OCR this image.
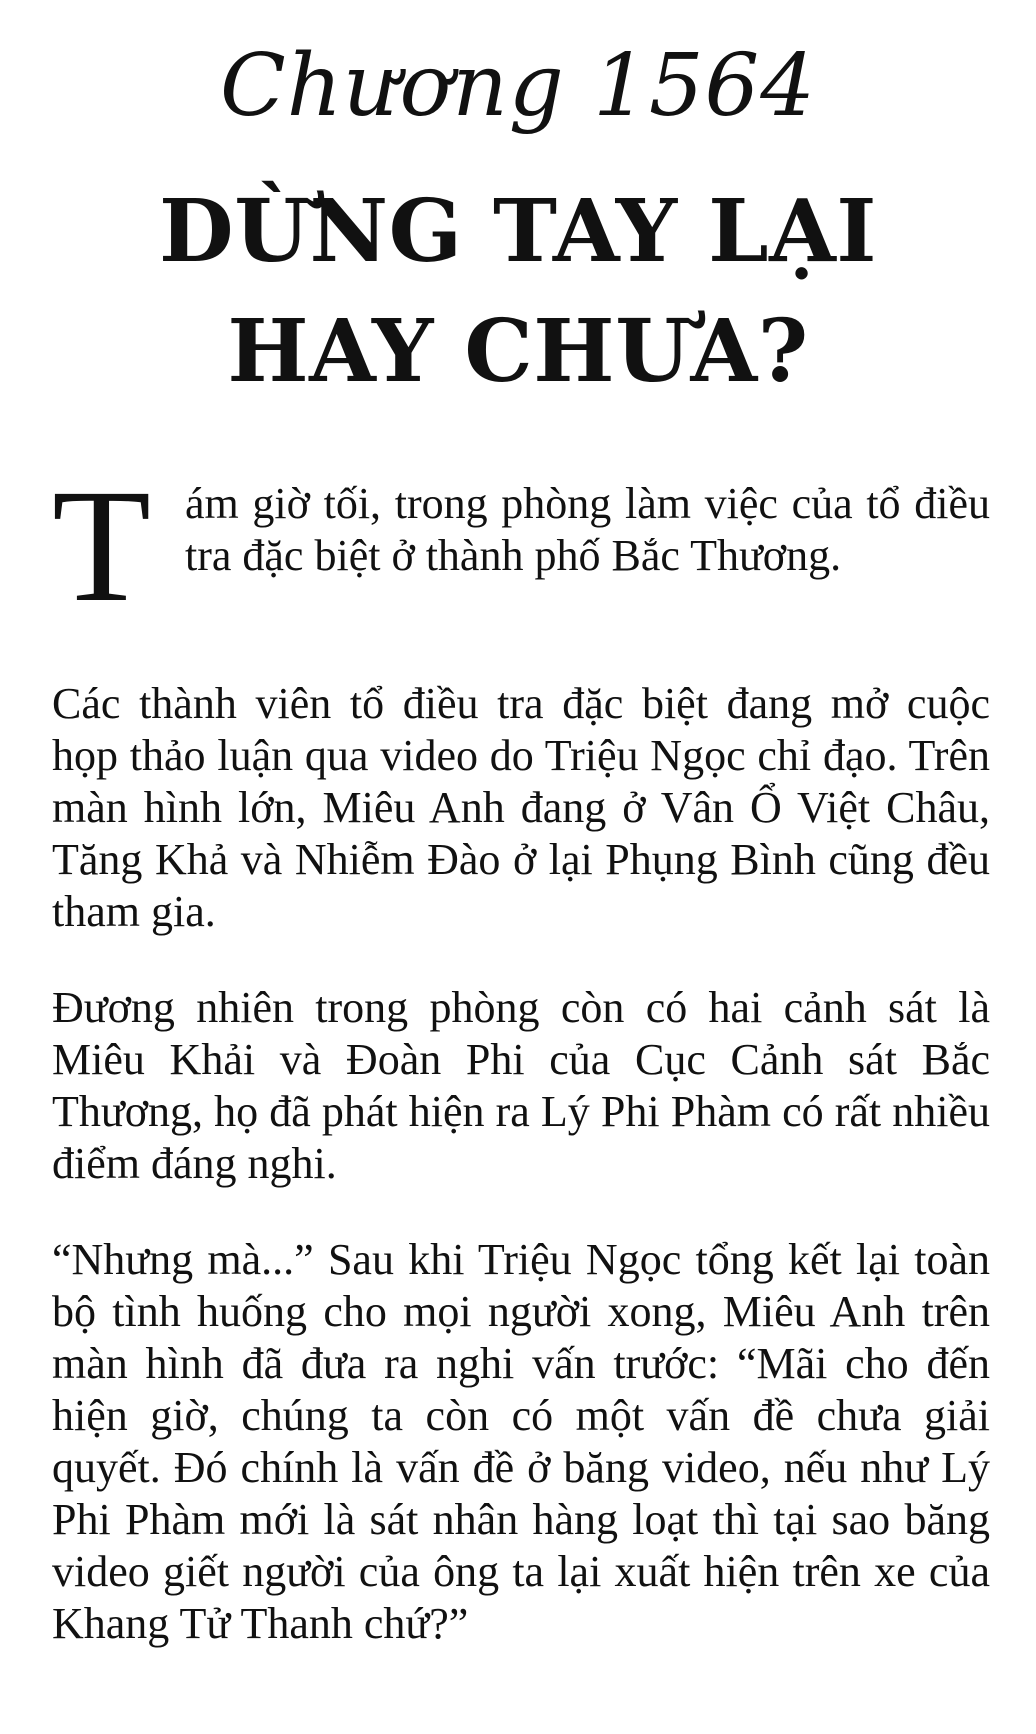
Chương 1564
DỪNG TAY LẠI HAY CHƯA?

T ám giờ tối, trong phòng làm việc của tổ điều tra đặc biệt ở thành phố Bắc Thương.

Các thành viên tổ điều tra đặc biệt đang mở cuộc họp thảo luận qua video do Triệu Ngọc chỉ đạo. Trên màn hình lớn, Miêu Anh đang ở Vân Ổ Việt Châu, Tăng Khả và Nhiễm Đào ở lại Phụng Bình cũng đều tham gia.

Đương nhiên trong phòng còn có hai cảnh sát là Miêu Khải và Đoàn Phi của Cục Cảnh sát Bắc Thương, họ đã phát hiện ra Lý Phi Phàm có rất nhiều điểm đáng nghi.

“Nhưng mà...” Sau khi Triệu Ngọc tổng kết lại toàn bộ tình huống cho mọi người xong, Miêu Anh trên màn hình đã đưa ra nghi vấn trước: “Mãi cho đến hiện giờ, chúng ta còn có một vấn đề chưa giải quyết. Đó chính là vấn đề ở băng video, nếu như Lý Phi Phàm mới là sát nhân hàng loạt thì tại sao băng video giết người của ông ta lại xuất hiện trên xe của Khang Tử Thanh chứ?”
